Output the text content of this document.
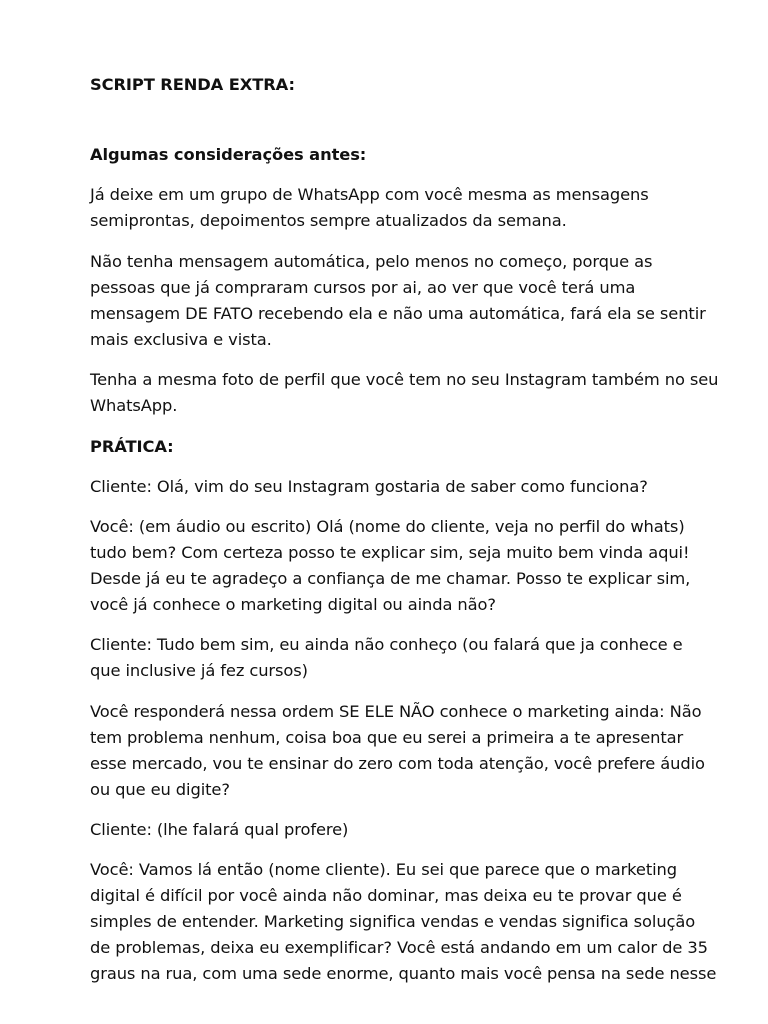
SCRIPT RENDA EXTRA:
Algumas considerações antes:
Já deixe em um grupo de WhatsApp com você mesma as mensagens
semiprontas, depoimentos sempre atualizados da semana.
Não tenha mensagem automática, pelo menos no começo, porque as
pessoas que já compraram cursos por ai, ao ver que você terá uma
mensagem DE FATO recebendo ela e não uma automática, fará ela se sentir
mais exclusiva e vista.
Tenha a mesma foto de perfil que você tem no seu Instagram também no seu
WhatsApp.
PRÁTICA:
Cliente: Olá, vim do seu Instagram gostaria de saber como funciona?
Você: (em áudio ou escrito) Olá (nome do cliente, veja no perfil do whats)
tudo bem? Com certeza posso te explicar sim, seja muito bem vinda aqui!
Desde já eu te agradeço a confiança de me chamar. Posso te explicar sim,
você já conhece o marketing digital ou ainda não?
Cliente: Tudo bem sim, eu ainda não conheço (ou falará que ja conhece e
que inclusive já fez cursos)
Você responderá nessa ordem SE ELE NÃO conhece o marketing ainda: Não
tem problema nenhum, coisa boa que eu serei a primeira a te apresentar
esse mercado, vou te ensinar do zero com toda atenção, você prefere áudio
ou que eu digite?
Cliente: (lhe falará qual profere)
Você: Vamos lá então (nome cliente). Eu sei que parece que o marketing
digital é difícil por você ainda não dominar, mas deixa eu te provar que é
simples de entender. Marketing significa vendas e vendas significa solução
de problemas, deixa eu exemplificar? Você está andando em um calor de 35
graus na rua, com uma sede enorme, quanto mais você pensa na sede nesse
